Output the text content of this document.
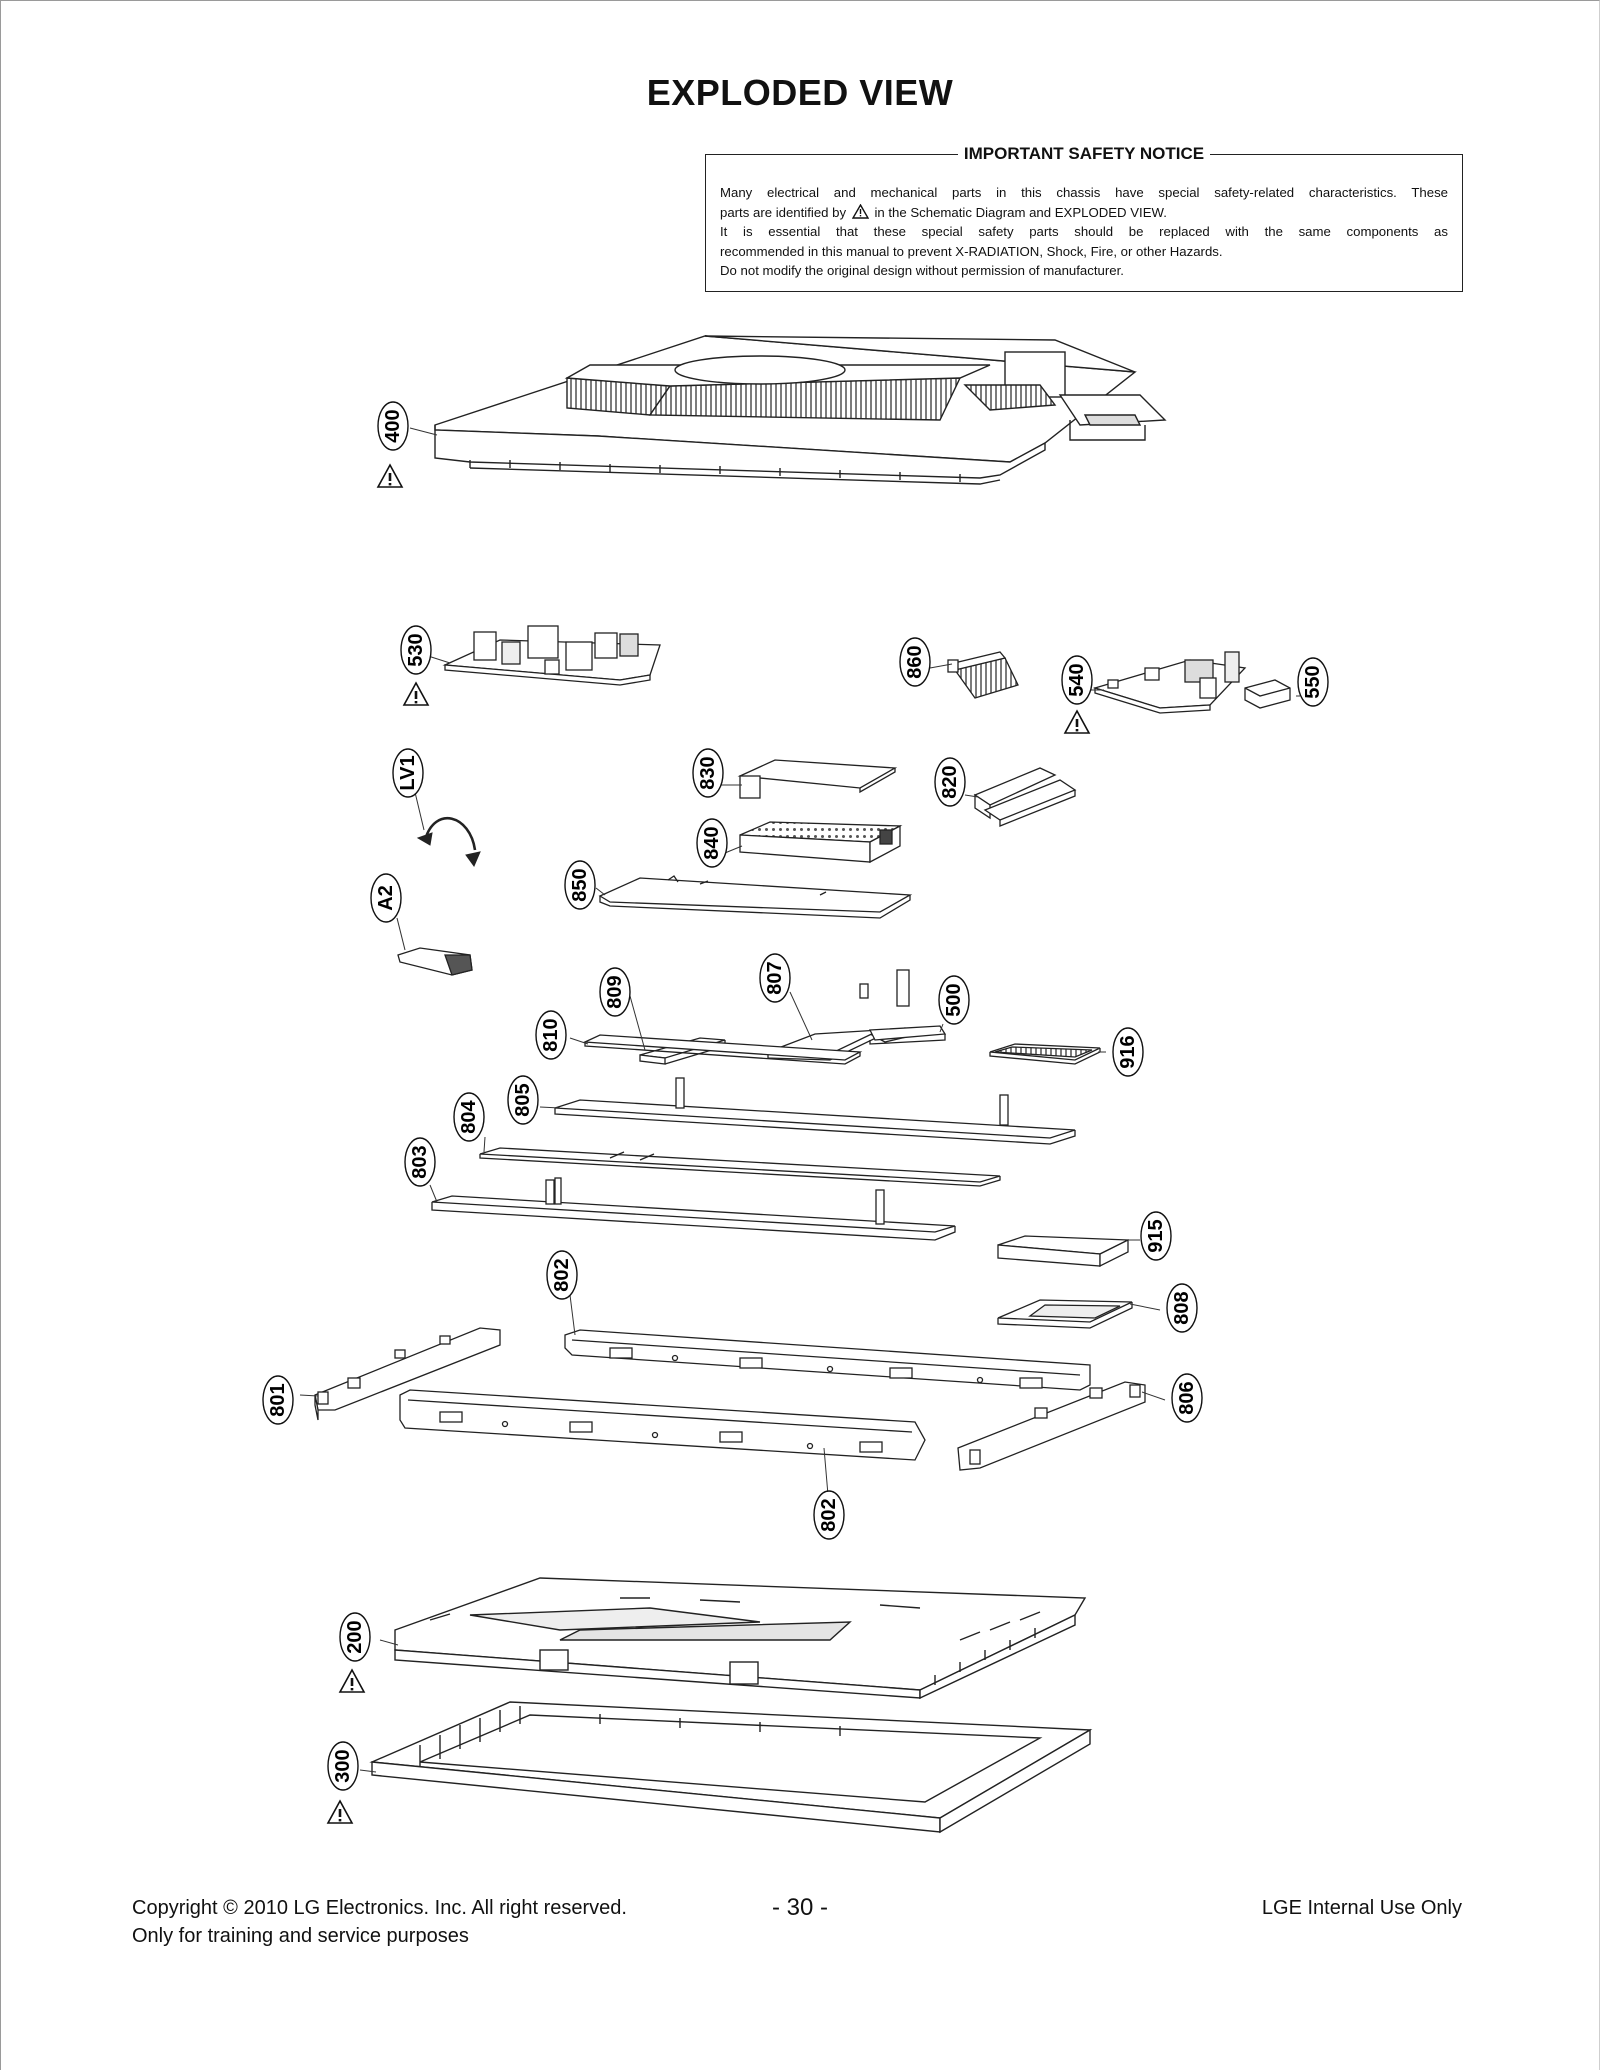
EXPLODED VIEW
IMPORTANT SAFETY NOTICE

Many electrical and mechanical parts in this chassis have special safety-related characteristics. These

parts are identified by in the Schematic Diagram and EXPLODED VIEW.

It is essential that these special safety parts should be replaced with the same components as

recommended in this manual to prevent X-RADIATION, Shock, Fire, or other Hazards.

Do not modify the original design without permission of manufacturer.

400
530	860
540	550
LV1	830	820
840
A2	850
807
809	500
810
916
805
804
803
915
802
808
801	806
802
200
300
Copyright © 2010 LG Electronics. Inc. All right reserved.
Only for training and service purposes
- 30 -	LGE Internal Use Only
